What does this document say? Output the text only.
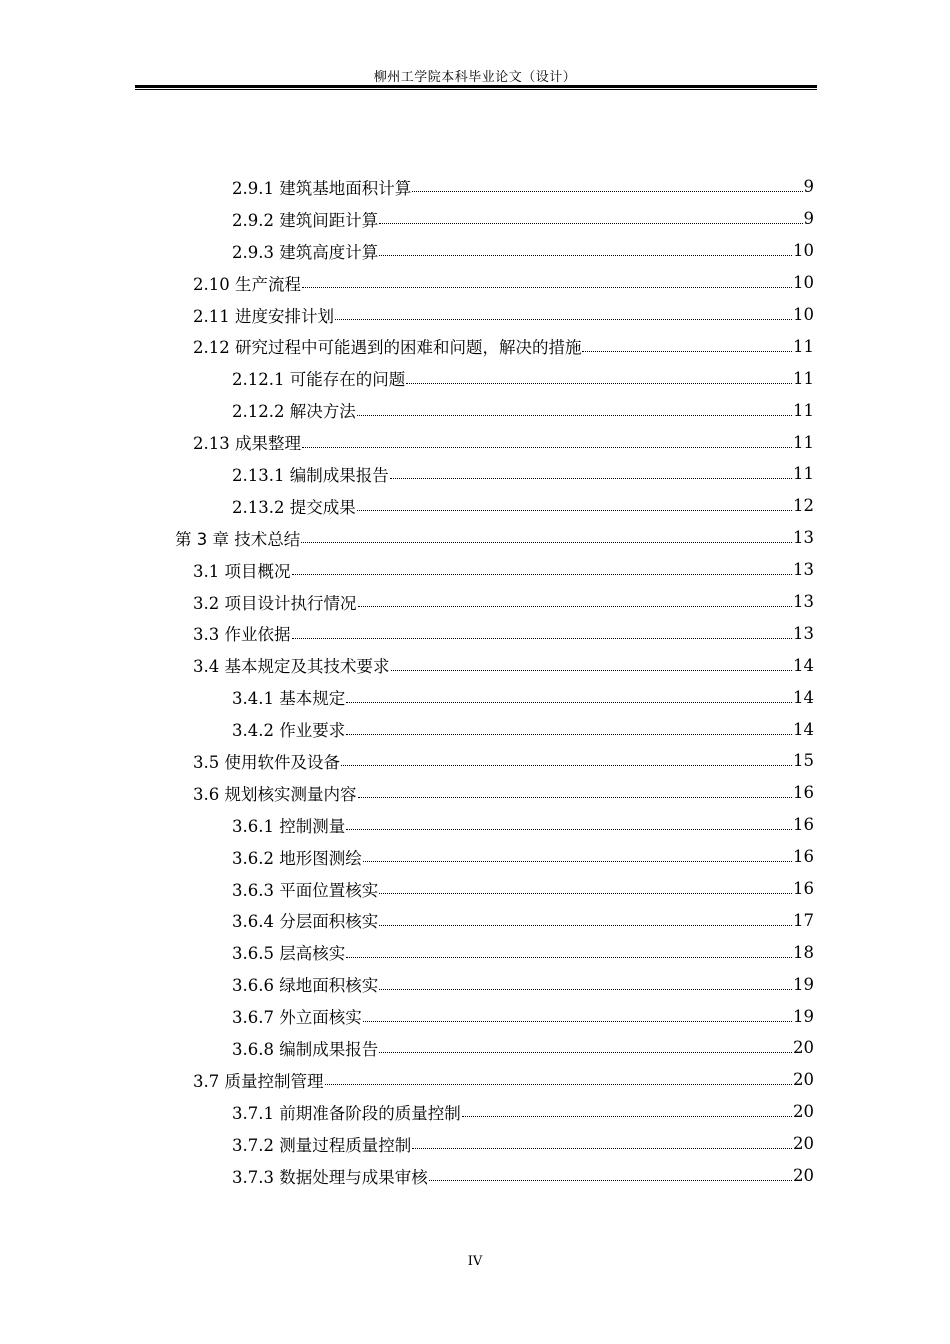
柳州工学院本科毕业论文（设计）
2.9.1 建筑基地面积计算	9
2.9.2 建筑间距计算	9
2.9.3 建筑高度计算	10
2.10 生产流程	10
2.11 进度安排计划	10
2.12 研究过程中可能遇到的困难和问题，解决的措施	11
2.12.1 可能存在的问题	11
2.12.2 解决方法	11
2.13 成果整理	11
2.13.1 编制成果报告	11
2.13.2 提交成果	12
第 3 章 技术总结	13
3.1 项目概况	13
3.2 项目设计执行情况	13
3.3 作业依据	13
3.4 基本规定及其技术要求	14
3.4.1 基本规定	14
3.4.2 作业要求	14
3.5 使用软件及设备	15
3.6 规划核实测量内容	16
3.6.1 控制测量	16
3.6.2 地形图测绘	16
3.6.3 平面位置核实	16
3.6.4 分层面积核实	17
3.6.5 层高核实	18
3.6.6 绿地面积核实	19
3.6.7 外立面核实	19
3.6.8 编制成果报告	20
3.7 质量控制管理	20
3.7.1 前期准备阶段的质量控制	20
3.7.2 测量过程质量控制	20
3.7.3 数据处理与成果审核	20
IV
